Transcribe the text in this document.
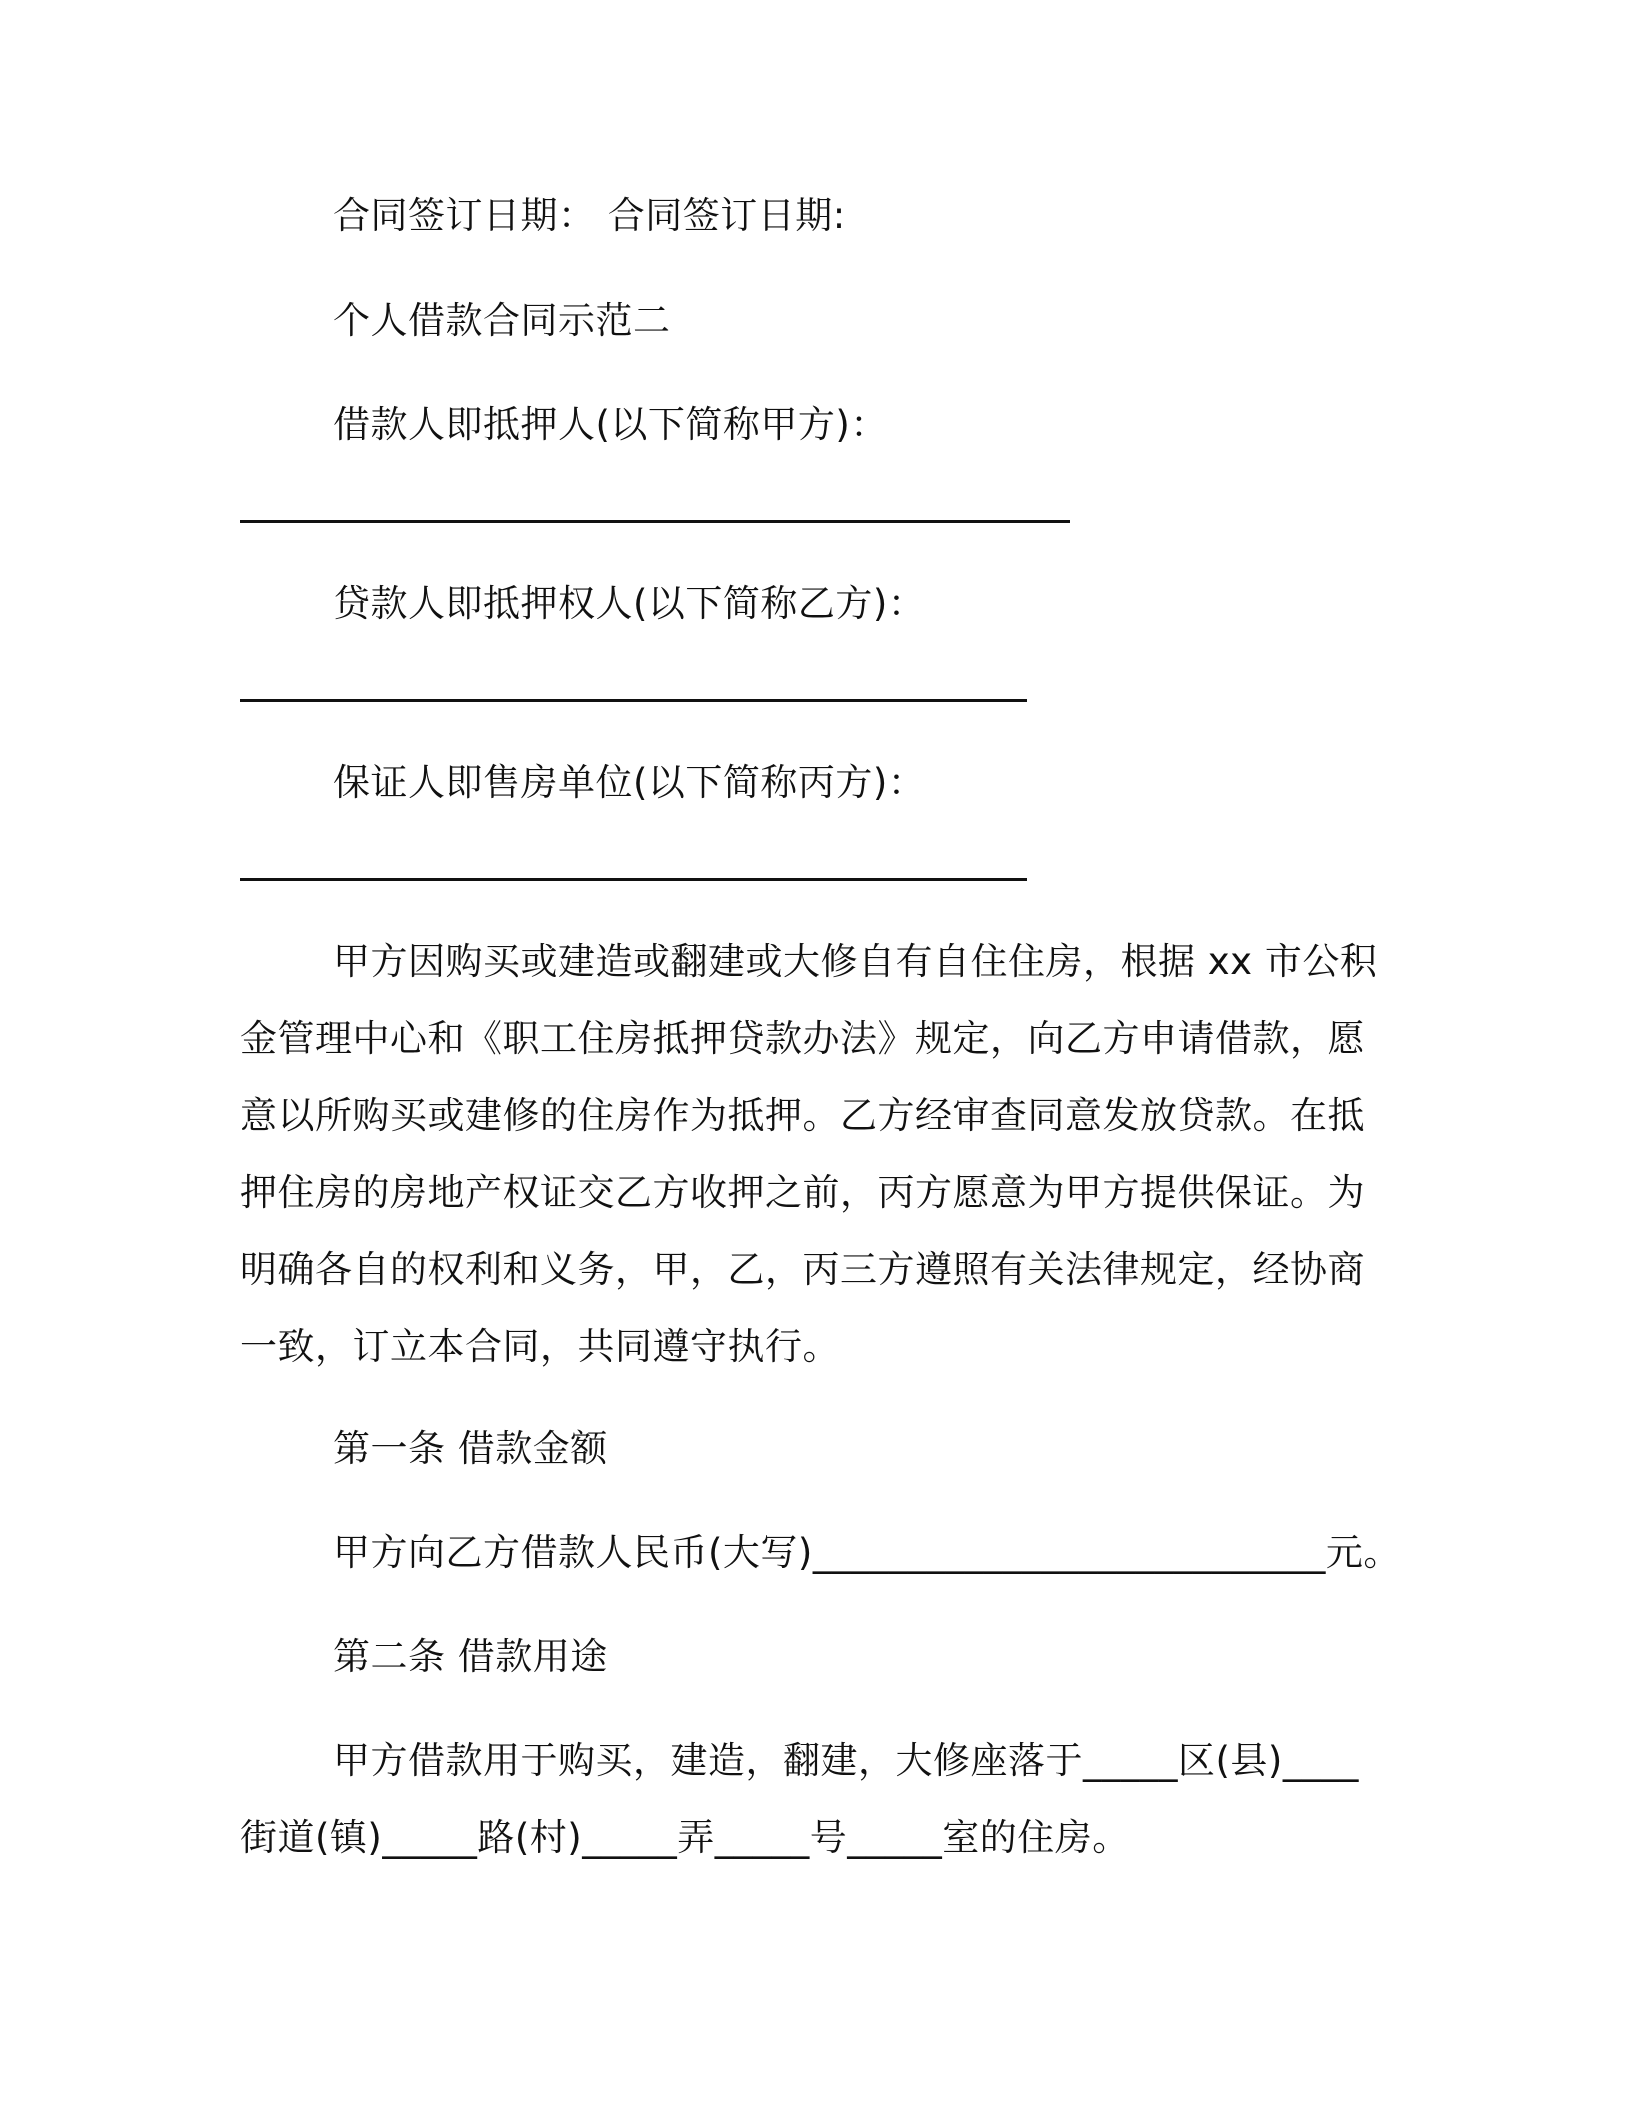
合同签订日期： 合同签订日期:
个人借款合同示范二
借款人即抵押人(以下简称甲方)：
贷款人即抵押权人(以下简称乙方)：
保证人即售房单位(以下简称丙方)：
甲方因购买或建造或翻建或大修自有自住住房，根据 xx 市公积
金管理中心和《职工住房抵押贷款办法》规定，向乙方申请借款，愿
意以所购买或建修的住房作为抵押。乙方经审查同意发放贷款。在抵
押住房的房地产权证交乙方收押之前，丙方愿意为甲方提供保证。为
明确各自的权利和义务，甲，乙，丙三方遵照有关法律规定，经协商
一致，订立本合同，共同遵守执行。
第一条 借款金额
甲方向乙方借款人民币(大写)___________________________元。
第二条 借款用途
甲方借款用于购买，建造，翻建，大修座落于_____区(县)____
街道(镇)_____路(村)_____弄_____号_____室的住房。
